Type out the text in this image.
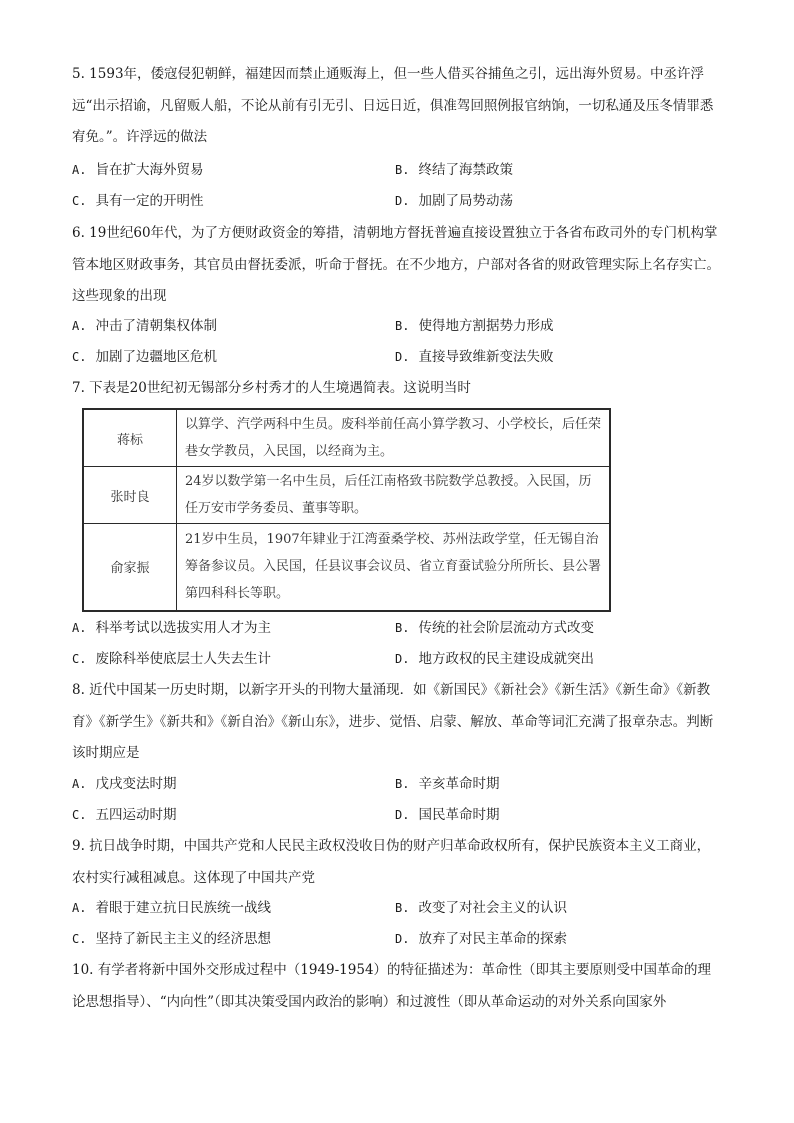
5. 1593年，倭寇侵犯朝鲜，福建因而禁止通贩海上，但一些人借买谷捕鱼之引，远出海外贸易。中丞许浮远“出示招谕，凡留贩人船，不论从前有引无引、日远日近，俱准驾回照例报官纳饷，一切私通及压冬情罪悉宥免。”。许浮远的做法

A. 旨在扩大海外贸易	B. 终结了海禁政策
C. 具有一定的开明性	D. 加剧了局势动荡

6. 19世纪60年代，为了方便财政资金的筹措，清朝地方督抚普遍直接设置独立于各省布政司外的专门机构掌管本地区财政事务，其官员由督抚委派，听命于督抚。在不少地方，户部对各省的财政管理实际上名存实亡。这些现象的出现

A. 冲击了清朝集权体制	B. 使得地方割据势力形成
C. 加剧了边疆地区危机	D. 直接导致维新变法失败

7. 下表是20世纪初无锡部分乡村秀才的人生境遇简表。这说明当时

蒋标	以算学、汽学两科中生员。废科举前任高小算学教习、小学校长，后任荣巷女学教员，入民国，以经商为主。
张时良	24岁以数学第一名中生员，后任江南格致书院数学总教授。入民国，历任万安市学务委员、董事等职。
俞家振	21岁中生员，1907年肄业于江湾蚕桑学校、苏州法政学堂，任无锡自治筹备参议员。入民国，任县议事会议员、省立育蚕试验分所所长、县公署第四科科长等职。
A. 科举考试以选拔实用人才为主	B. 传统的社会阶层流动方式改变
C. 废除科举使底层士人失去生计	D. 地方政权的民主建设成就突出

8. 近代中国某一历史时期，以新字开头的刊物大量涌现．如《新国民》《新社会》《新生活》《新生命》《新教育》《新学生》《新共和》《新自治》《新山东》，进步、觉悟、启蒙、解放、革命等词汇充满了报章杂志。判断该时期应是

A. 戊戌变法时期	B. 辛亥革命时期
C. 五四运动时期	D. 国民革命时期

9. 抗日战争时期，中国共产党和人民民主政权没收日伪的财产归革命政权所有，保护民族资本主义工商业，农村实行减租减息。这体现了中国共产党

A. 着眼于建立抗日民族统一战线	B. 改变了对社会主义的认识
C. 坚持了新民主主义的经济思想	D. 放弃了对民主革命的探索

10. 有学者将新中国外交形成过程中（1949-1954）的特征描述为：革命性（即其主要原则受中国革命的理论思想指导）、“内向性”（即其决策受国内政治的影响）和过渡性（即从革命运动的对外关系向国家外
